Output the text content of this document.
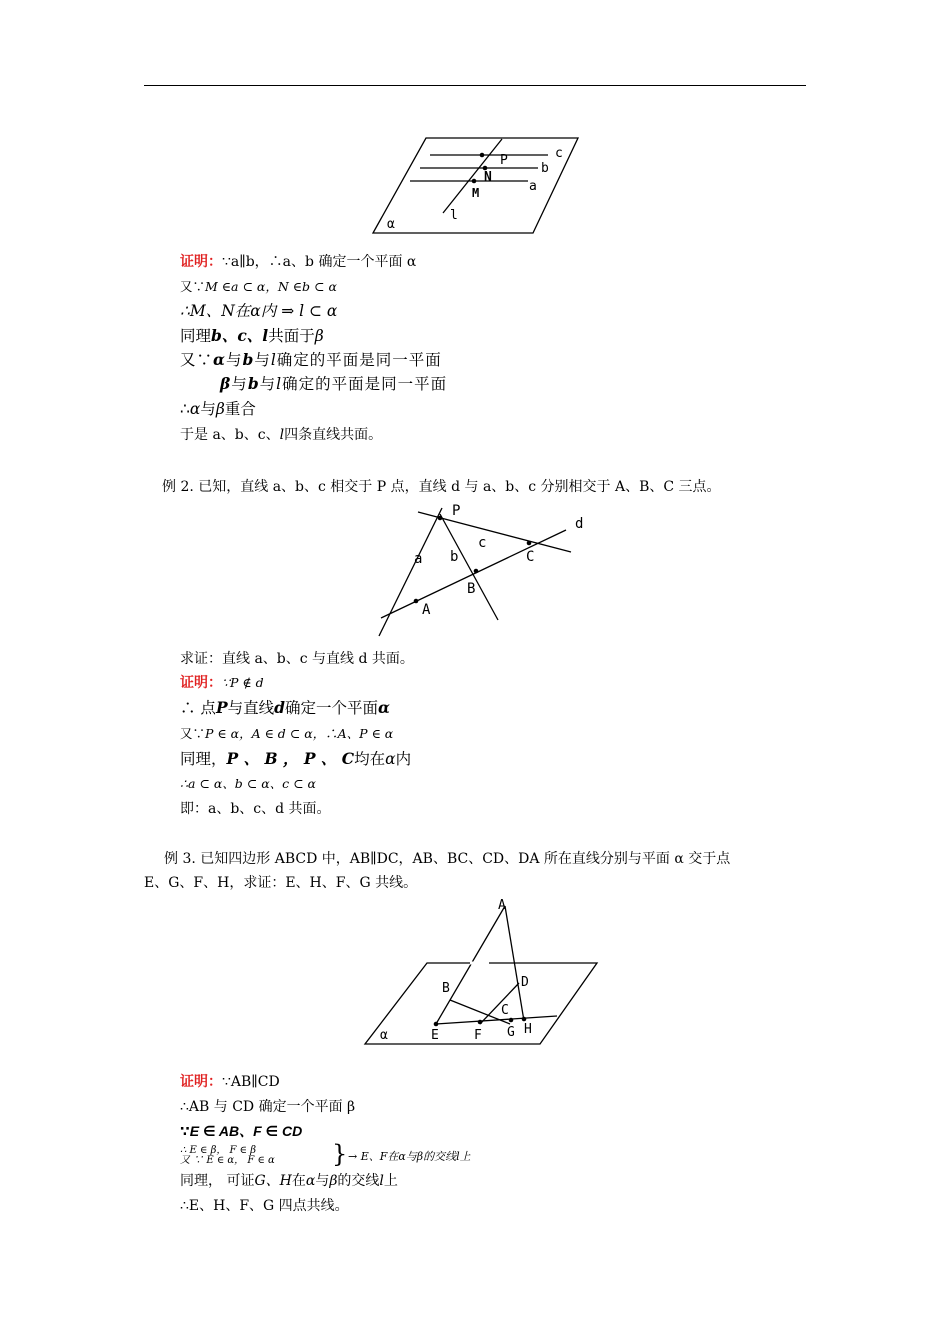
c
P
b
N
a
M
l
α
证明：∵a∥b，∴a、b 确定一个平面 α
又∵M ∈a ⊂ α，N ∈b ⊂ α
∴M、N在α内 ⇒ l ⊂ α
同理b、c、l共面于β
又∵α与b与l确定的平面是同一平面
β与b与l确定的平面是同一平面
∴α与β重合
于是 a、b、c、l四条直线共面。
例 2. 已知，直线 a、b、c 相交于 P 点，直线 d 与 a、b、c 分别相交于 A、B、C 三点。
P
d
c
a b	C
B
A
求证：直线 a、b、c 与直线 d 共面。
证明：∵P ∉ d
∴ 点P与直线d确定一个平面α
又∵P ∈ α，A ∈ d ⊂ α，∴A、P ∈ α
同理，P 、 B ， P 、 C均在α内
∴a ⊂ α、b ⊂ α、c ⊂ α
即：a、b、c、d 共面。
例 3. 已知四边形 ABCD 中，AB∥DC，AB、BC、CD、DA 所在直线分别与平面 α 交于点
E、G、F、H，求证：E、H、F、G 共线。
A
B	D
C
E	F G H
α
证明：∵AB∥CD
∴AB 与 CD 确定一个平面 β
∵E ∈ AB、F ∈ CD
∴ E ∈ β， F ∈ β
又 ∵ E ∈ α， F ∈ α } → E、F在α与β的交线l上
同理， 可证G、H在α与β的交线l上
∴E、H、F、G 四点共线。
